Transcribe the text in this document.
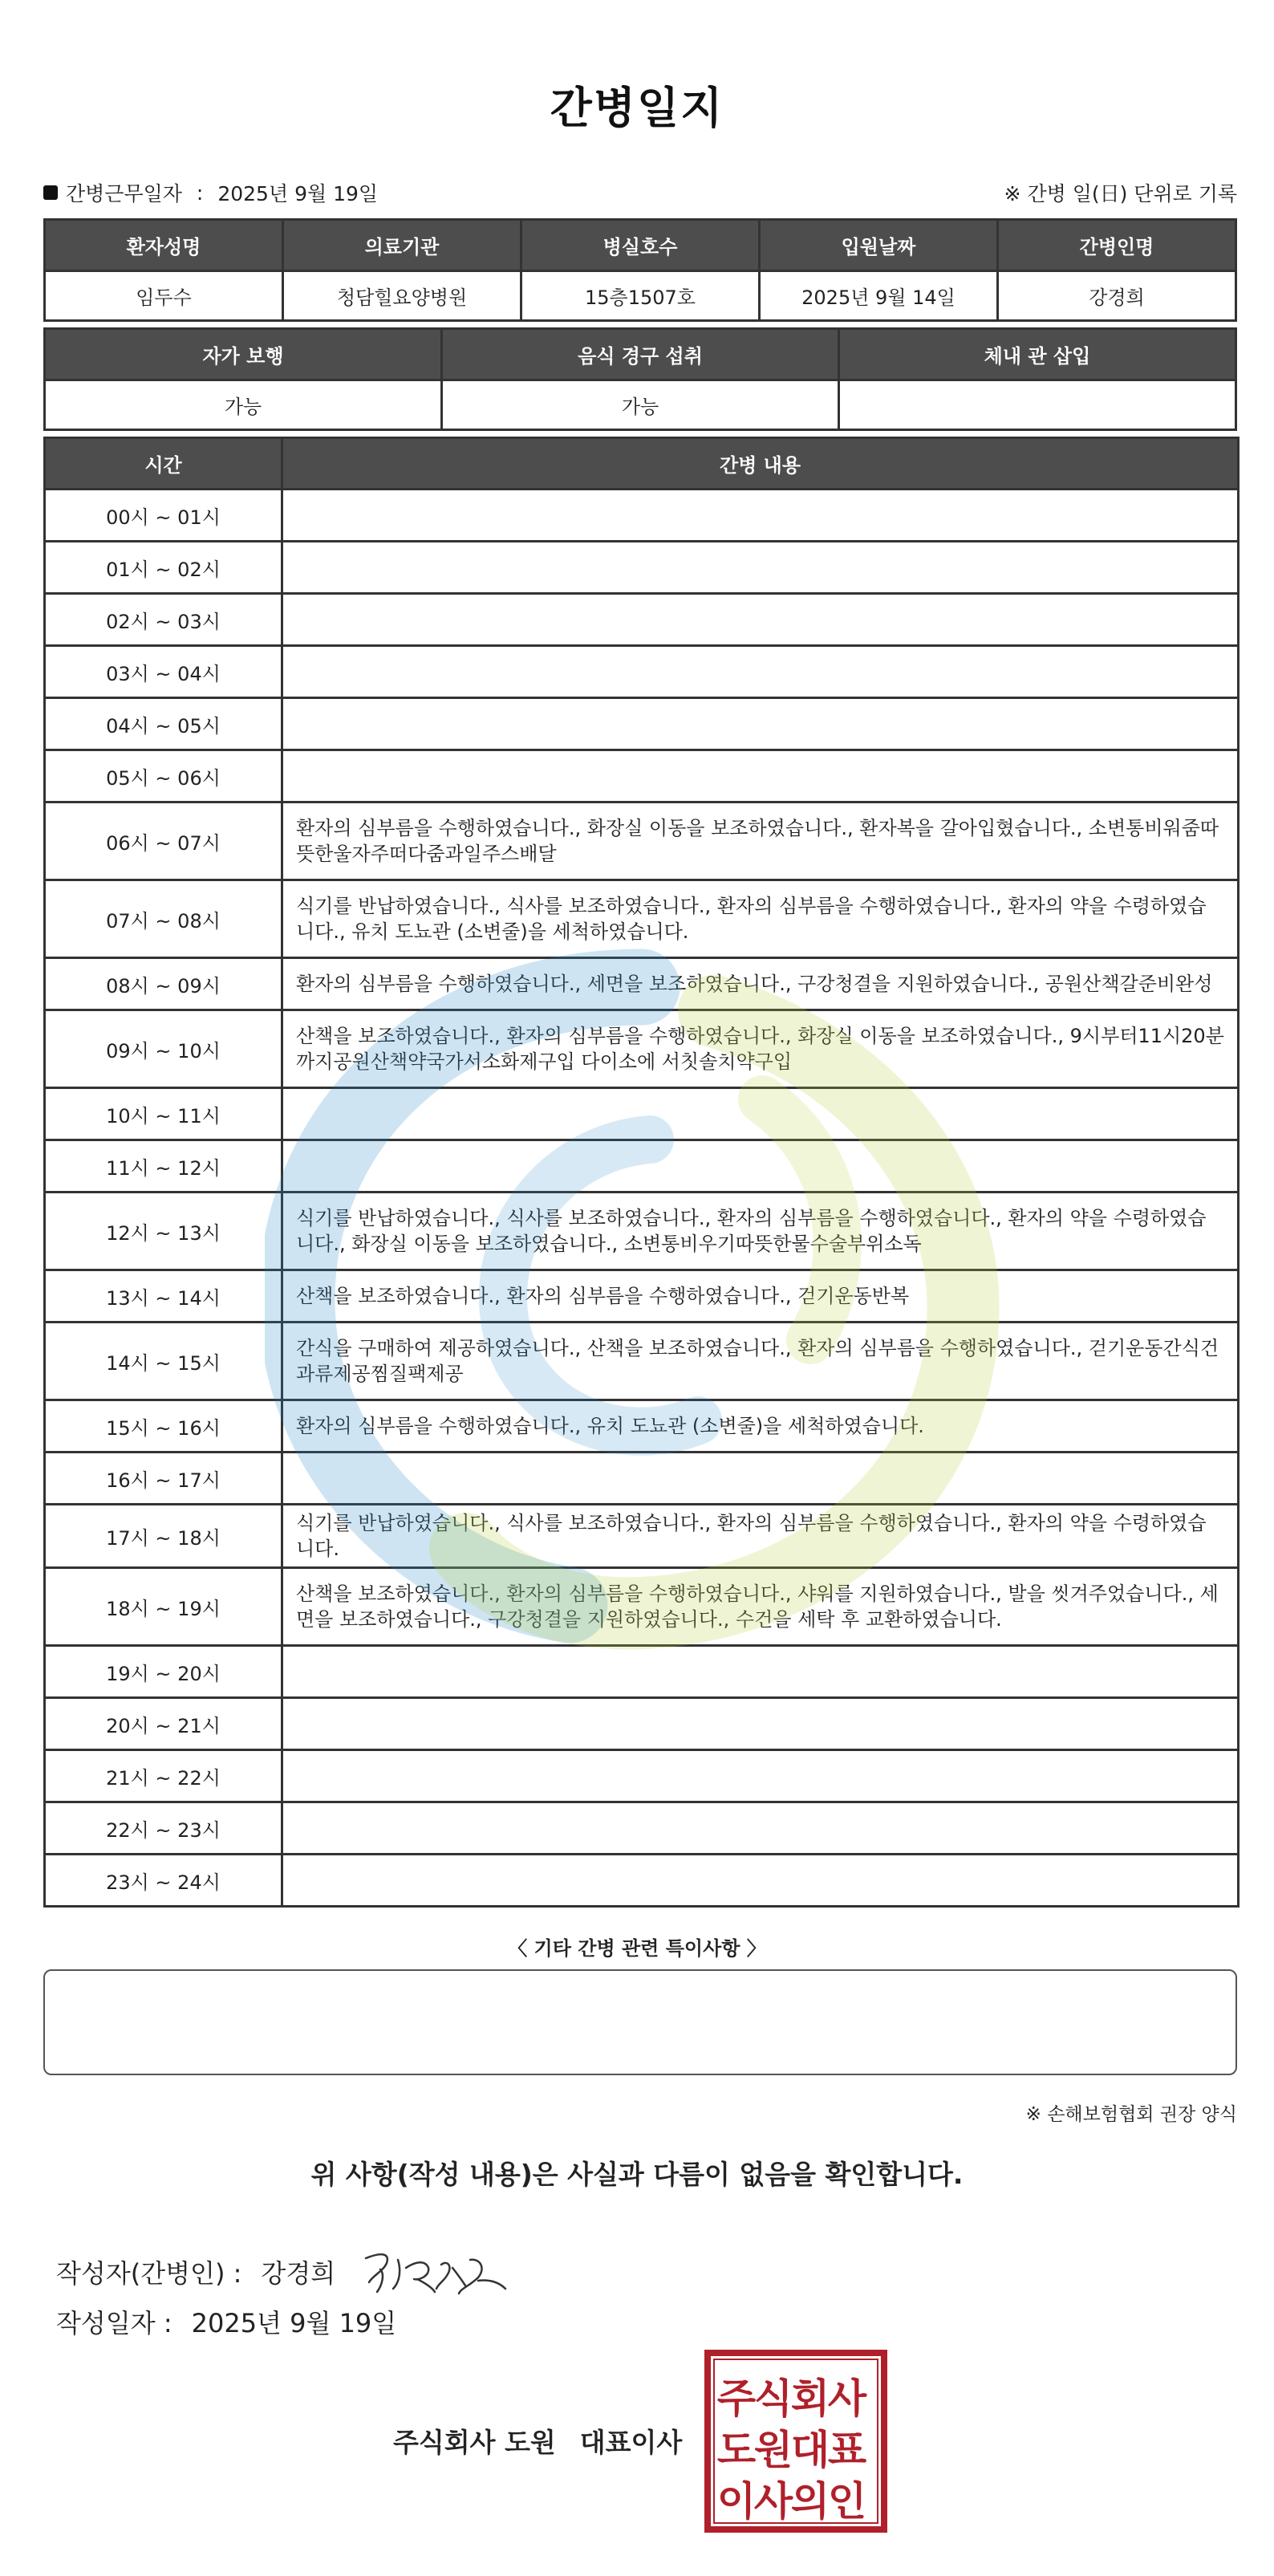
간병일지
간병근무일자 : 2025년 9월 19일	※ 간병 일(日) 단위로 기록
환자성명	의료기관	병실호수	입원날짜	간병인명
임두수	청담힐요양병원	15층1507호	2025년 9월 14일	강경희
자가 보행	음식 경구 섭취	체내 관 삽입
가능	가능	
시간	간병 내용
00시 ~ 01시	
01시 ~ 02시	
02시 ~ 03시	
03시 ~ 04시	
04시 ~ 05시	
05시 ~ 06시	
06시 ~ 07시	환자의 심부름을 수행하였습니다., 화장실 이동을 보조하였습니다., 환자복을 갈아입혔습니다., 소변통비워줌따뜻한울자주떠다줌과일주스배달
07시 ~ 08시	식기를 반납하였습니다., 식사를 보조하였습니다., 환자의 심부름을 수행하였습니다., 환자의 약을 수령하였습니다., 유치 도뇨관 (소변줄)을 세척하였습니다.
08시 ~ 09시	환자의 심부름을 수행하였습니다., 세면을 보조하였습니다., 구강청결을 지원하였습니다., 공원산책갈준비완성
09시 ~ 10시	산책을 보조하였습니다., 환자의 심부름을 수행하였습니다., 화장실 이동을 보조하였습니다., 9시부터11시20분까지공원산책약국가서소화제구입 다이소에 서칫솔치약구입
10시 ~ 11시	
11시 ~ 12시	
12시 ~ 13시	식기를 반납하였습니다., 식사를 보조하였습니다., 환자의 심부름을 수행하였습니다., 환자의 약을 수령하였습니다., 화장실 이동을 보조하였습니다., 소변통비우기따뜻한물수술부위소독
13시 ~ 14시	산책을 보조하였습니다., 환자의 심부름을 수행하였습니다., 걷기운동반복
14시 ~ 15시	간식을 구매하여 제공하였습니다., 산책을 보조하였습니다., 환자의 심부름을 수행하였습니다., 걷기운동간식건과류제공찜질팩제공
15시 ~ 16시	환자의 심부름을 수행하였습니다., 유치 도뇨관 (소변줄)을 세척하였습니다.
16시 ~ 17시	
17시 ~ 18시	식기를 반납하였습니다., 식사를 보조하였습니다., 환자의 심부름을 수행하였습니다., 환자의 약을 수령하였습니다.
18시 ~ 19시	산책을 보조하였습니다., 환자의 심부름을 수행하였습니다., 샤워를 지원하였습니다., 발을 씻겨주었습니다., 세면을 보조하였습니다., 구강청결을 지원하였습니다., 수건을 세탁 후 교환하였습니다.
19시 ~ 20시	
20시 ~ 21시	
21시 ~ 22시	
22시 ~ 23시	
23시 ~ 24시	
〈 기타 간병 관련 특이사항 〉
※ 손해보험협회 권장 양식
위 사항(작성 내용)은 사실과 다름이 없음을 확인합니다.
작성자(간병인) : 강경희
작성일자 : 2025년 9월 19일
주식회사 도원 대표이사
주
식
회
사
도
원
대
표
이
사
의
인
